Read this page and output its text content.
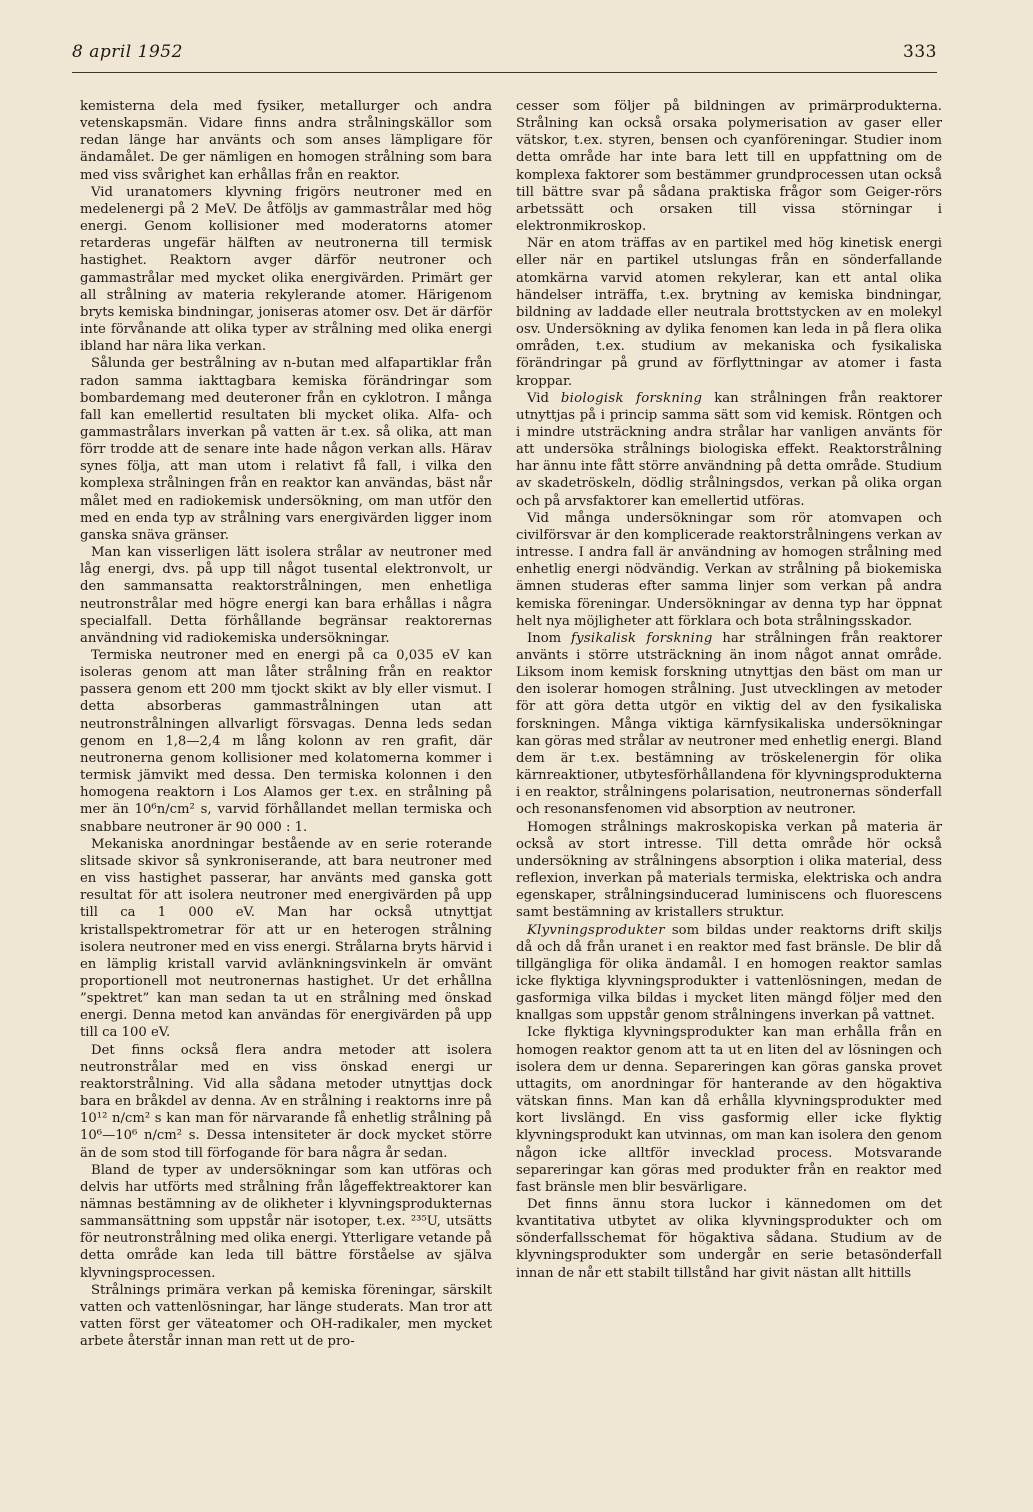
8 april 1952	333

kemisterna dela med fysiker, metallurger och andra vetenskapsmän. Vidare finns andra strålningskällor som redan länge har använts och som anses lämpligare för ändamålet. De ger nämligen en homogen strålning som bara med viss svårighet kan erhållas från en reaktor.

Vid uranatomers klyvning frigörs neutroner med en medelenergi på 2 MeV. De åtföljs av gammastrålar med hög energi. Genom kollisioner med moderatorns atomer retarderas ungefär hälften av neutronerna till termisk hastighet. Reaktorn avger därför neutroner och gammastrålar med mycket olika energivärden. Primärt ger all strålning av materia rekylerande atomer. Härigenom bryts kemiska bindningar, joniseras atomer osv. Det är därför inte förvånande att olika typer av strålning med olika energi ibland har nära lika verkan.

Sålunda ger bestrålning av n-butan med alfapartiklar från radon samma iakttagbara kemiska förändringar som bombardemang med deuteroner från en cyklotron. I många fall kan emellertid resultaten bli mycket olika. Alfa- och gammastrålars inverkan på vatten är t.ex. så olika, att man förr trodde att de senare inte hade någon verkan alls. Härav synes följa, att man utom i relativt få fall, i vilka den komplexa strålningen från en reaktor kan användas, bäst når målet med en radiokemisk undersökning, om man utför den med en enda typ av strålning vars energivärden ligger inom ganska snäva gränser.

Man kan visserligen lätt isolera strålar av neutroner med låg energi, dvs. på upp till något tusental elektronvolt, ur den sammansatta reaktorstrålningen, men enhetliga neutronstrålar med högre energi kan bara erhållas i några specialfall. Detta förhållande begränsar reaktorernas användning vid radiokemiska undersökningar.

Termiska neutroner med en energi på ca 0,035 eV kan isoleras genom att man låter strålning från en reaktor passera genom ett 200 mm tjockt skikt av bly eller vismut. I detta absorberas gammastrålningen utan att neutronstrålningen allvarligt försvagas. Denna leds sedan genom en 1,8—2,4 m lång kolonn av ren grafit, där neutronerna genom kollisioner med kolatomerna kommer i termisk jämvikt med dessa. Den termiska kolonnen i den homogena reaktorn i Los Alamos ger t.ex. en strålning på mer än 10⁶n/cm² s, varvid förhållandet mellan termiska och snabbare neutroner är 90 000 : 1.

Mekaniska anordningar bestående av en serie roterande slitsade skivor så synkroniserande, att bara neutroner med en viss hastighet passerar, har använts med ganska gott resultat för att isolera neutroner med energivärden på upp till ca 1 000 eV. Man har också utnyttjat kristallspektrometrar för att ur en heterogen strålning isolera neutroner med en viss energi. Strålarna bryts härvid i en lämplig kristall varvid avlänkningsvinkeln är omvänt proportionell mot neutronernas hastighet. Ur det erhållna ”spektret” kan man sedan ta ut en strålning med önskad energi. Denna metod kan användas för energivärden på upp till ca 100 eV.

Det finns också flera andra metoder att isolera neutronstrålar med en viss önskad energi ur reaktorstrålning. Vid alla sådana metoder utnyttjas dock bara en bråkdel av denna. Av en strålning i reaktorns inre på 10¹² n/cm² s kan man för närvarande få enhetlig strålning på 10⁶—10⁶ n/cm² s. Dessa intensiteter är dock mycket större än de som stod till förfogande för bara några år sedan.

Bland de typer av undersökningar som kan utföras och delvis har utförts med strålning från lågeffektreaktorer kan nämnas bestämning av de olikheter i klyvningsprodukternas sammansättning som uppstår när isotoper, t.ex. ²³⁵U, utsätts för neutronstrålning med olika energi. Ytterligare vetande på detta område kan leda till bättre förståelse av själva klyvningsprocessen.

Strålnings primära verkan på kemiska föreningar, särskilt vatten och vattenlösningar, har länge studerats. Man tror att vatten först ger väteatomer och OH-radikaler, men mycket arbete återstår innan man rett ut de pro-

cesser som följer på bildningen av primärprodukterna. Strålning kan också orsaka polymerisation av gaser eller vätskor, t.ex. styren, bensen och cyanföreningar. Studier inom detta område har inte bara lett till en uppfattning om de komplexa faktorer som bestämmer grundprocessen utan också till bättre svar på sådana praktiska frågor som Geiger-rörs arbetssätt och orsaken till vissa störningar i elektronmikroskop.

När en atom träffas av en partikel med hög kinetisk energi eller när en partikel utslungas från en sönderfallande atomkärna varvid atomen rekylerar, kan ett antal olika händelser inträffa, t.ex. brytning av kemiska bindningar, bildning av laddade eller neutrala brottstycken av en molekyl osv. Undersökning av dylika fenomen kan leda in på flera olika områden, t.ex. studium av mekaniska och fysikaliska förändringar på grund av förflyttningar av atomer i fasta kroppar.

Vid biologisk forskning kan strålningen från reaktorer utnyttjas på i princip samma sätt som vid kemisk. Röntgen och i mindre utsträckning andra strålar har vanligen använts för att undersöka strålnings biologiska effekt. Reaktorstrålning har ännu inte fått större användning på detta område. Studium av skadetröskeln, dödlig strålningsdos, verkan på olika organ och på arvsfaktorer kan emellertid utföras.

Vid många undersökningar som rör atomvapen och civilförsvar är den komplicerade reaktorstrålningens verkan av intresse. I andra fall är användning av homogen strålning med enhetlig energi nödvändig. Verkan av strålning på biokemiska ämnen studeras efter samma linjer som verkan på andra kemiska föreningar. Undersökningar av denna typ har öppnat helt nya möjligheter att förklara och bota strålningsskador.

Inom fysikalisk forskning har strålningen från reaktorer använts i större utsträckning än inom något annat område. Liksom inom kemisk forskning utnyttjas den bäst om man ur den isolerar homogen strålning. Just utvecklingen av metoder för att göra detta utgör en viktig del av den fysikaliska forskningen. Många viktiga kärnfysikaliska undersökningar kan göras med strålar av neutroner med enhetlig energi. Bland dem är t.ex. bestämning av tröskelenergin för olika kärnreaktioner, utbytesförhållandena för klyvningsprodukterna i en reaktor, strålningens polarisation, neutronernas sönderfall och resonansfenomen vid absorption av neutroner.

Homogen strålnings makroskopiska verkan på materia är också av stort intresse. Till detta område hör också undersökning av strålningens absorption i olika material, dess reflexion, inverkan på materials termiska, elektriska och andra egenskaper, strålningsinducerad luminiscens och fluorescens samt bestämning av kristallers struktur.

Klyvningsprodukter som bildas under reaktorns drift skiljs då och då från uranet i en reaktor med fast bränsle. De blir då tillgängliga för olika ändamål. I en homogen reaktor samlas icke flyktiga klyvningsprodukter i vattenlösningen, medan de gasformiga vilka bildas i mycket liten mängd följer med den knallgas som uppstår genom strålningens inverkan på vattnet.

Icke flyktiga klyvningsprodukter kan man erhålla från en homogen reaktor genom att ta ut en liten del av lösningen och isolera dem ur denna. Separeringen kan göras ganska provet uttagits, om anordningar för hanterande av den högaktiva vätskan finns. Man kan då erhålla klyvningsprodukter med kort livslängd. En viss gasformig eller icke flyktig klyvningsprodukt kan utvinnas, om man kan isolera den genom någon icke alltför invecklad process. Motsvarande separeringar kan göras med produkter från en reaktor med fast bränsle men blir besvärligare.

Det finns ännu stora luckor i kännedomen om det kvantitativa utbytet av olika klyvningsprodukter och om sönderfallsschemat för högaktiva sådana. Studium av de klyvningsprodukter som undergår en serie betasönderfall innan de når ett stabilt tillstånd har givit nästan allt hittills
